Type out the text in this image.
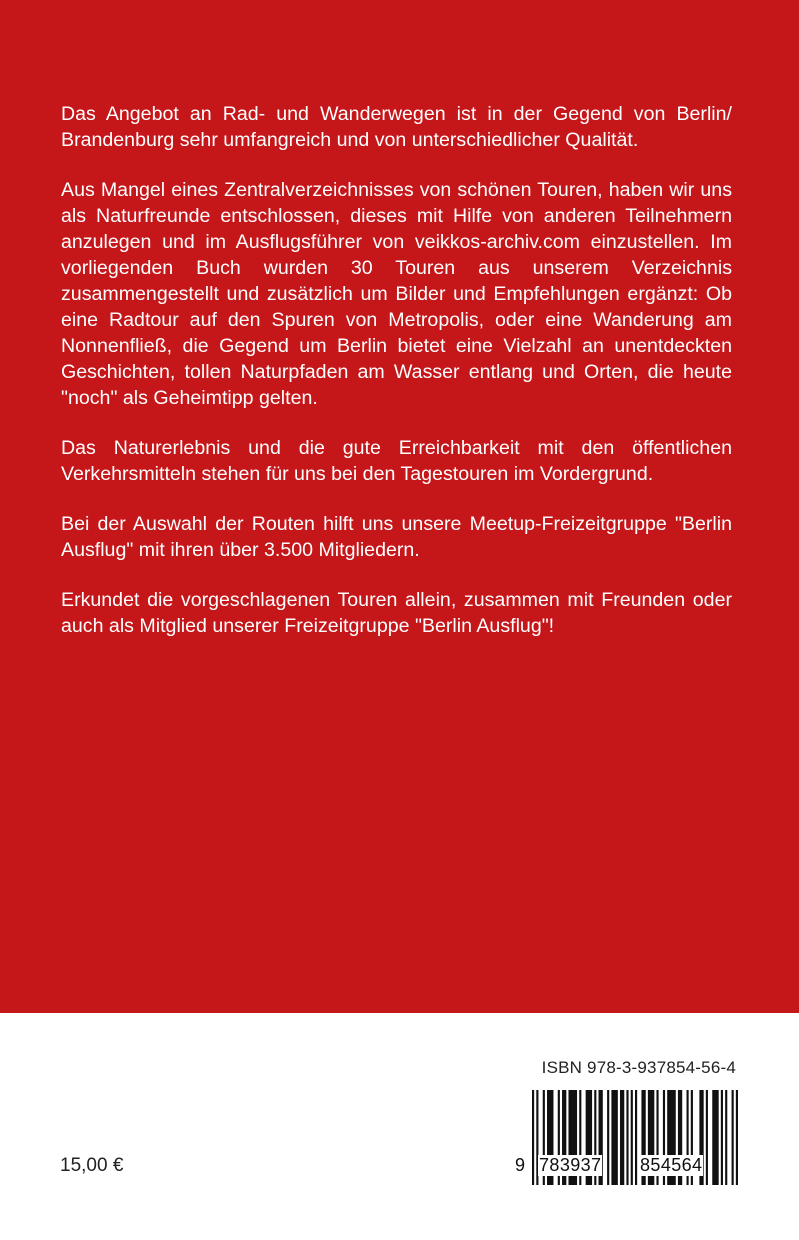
Das Angebot an Rad- und Wanderwegen ist in der Gegend von Berlin/ Brandenburg sehr umfangreich und von unterschiedlicher Qualität.

Aus Mangel eines Zentralverzeichnisses von schönen Touren, haben wir uns als Naturfreunde entschlossen, dieses mit Hilfe von anderen Teilnehmern anzulegen und im Ausflugsführer von veikkos-archiv.com einzustellen. Im vorliegenden Buch wurden 30 Touren aus unserem Verzeichnis zusammengestellt und zusätzlich um Bilder und Empfehlungen ergänzt: Ob eine Radtour auf den Spuren von Metropolis, oder eine Wanderung am Nonnenfließ, die Gegend um Berlin bietet eine Vielzahl an unentdeckten Geschichten, tollen Naturpfaden am Wasser entlang und Orten, die heute "noch" als Geheimtipp gelten.

Das Naturerlebnis und die gute Erreichbarkeit mit den öffentlichen Verkehrsmitteln stehen für uns bei den Tagestouren im Vordergrund.

Bei der Auswahl der Routen hilft uns unsere Meetup-Freizeitgruppe "Berlin Ausflug" mit ihren über 3.500 Mitgliedern.

Erkundet die vorgeschlagenen Touren allein, zusammen mit Freunden oder auch als Mitglied unserer Freizeitgruppe "Berlin Ausflug"!

15,00 €
ISBN 978-3-937854-56-4
9 783937 854564
